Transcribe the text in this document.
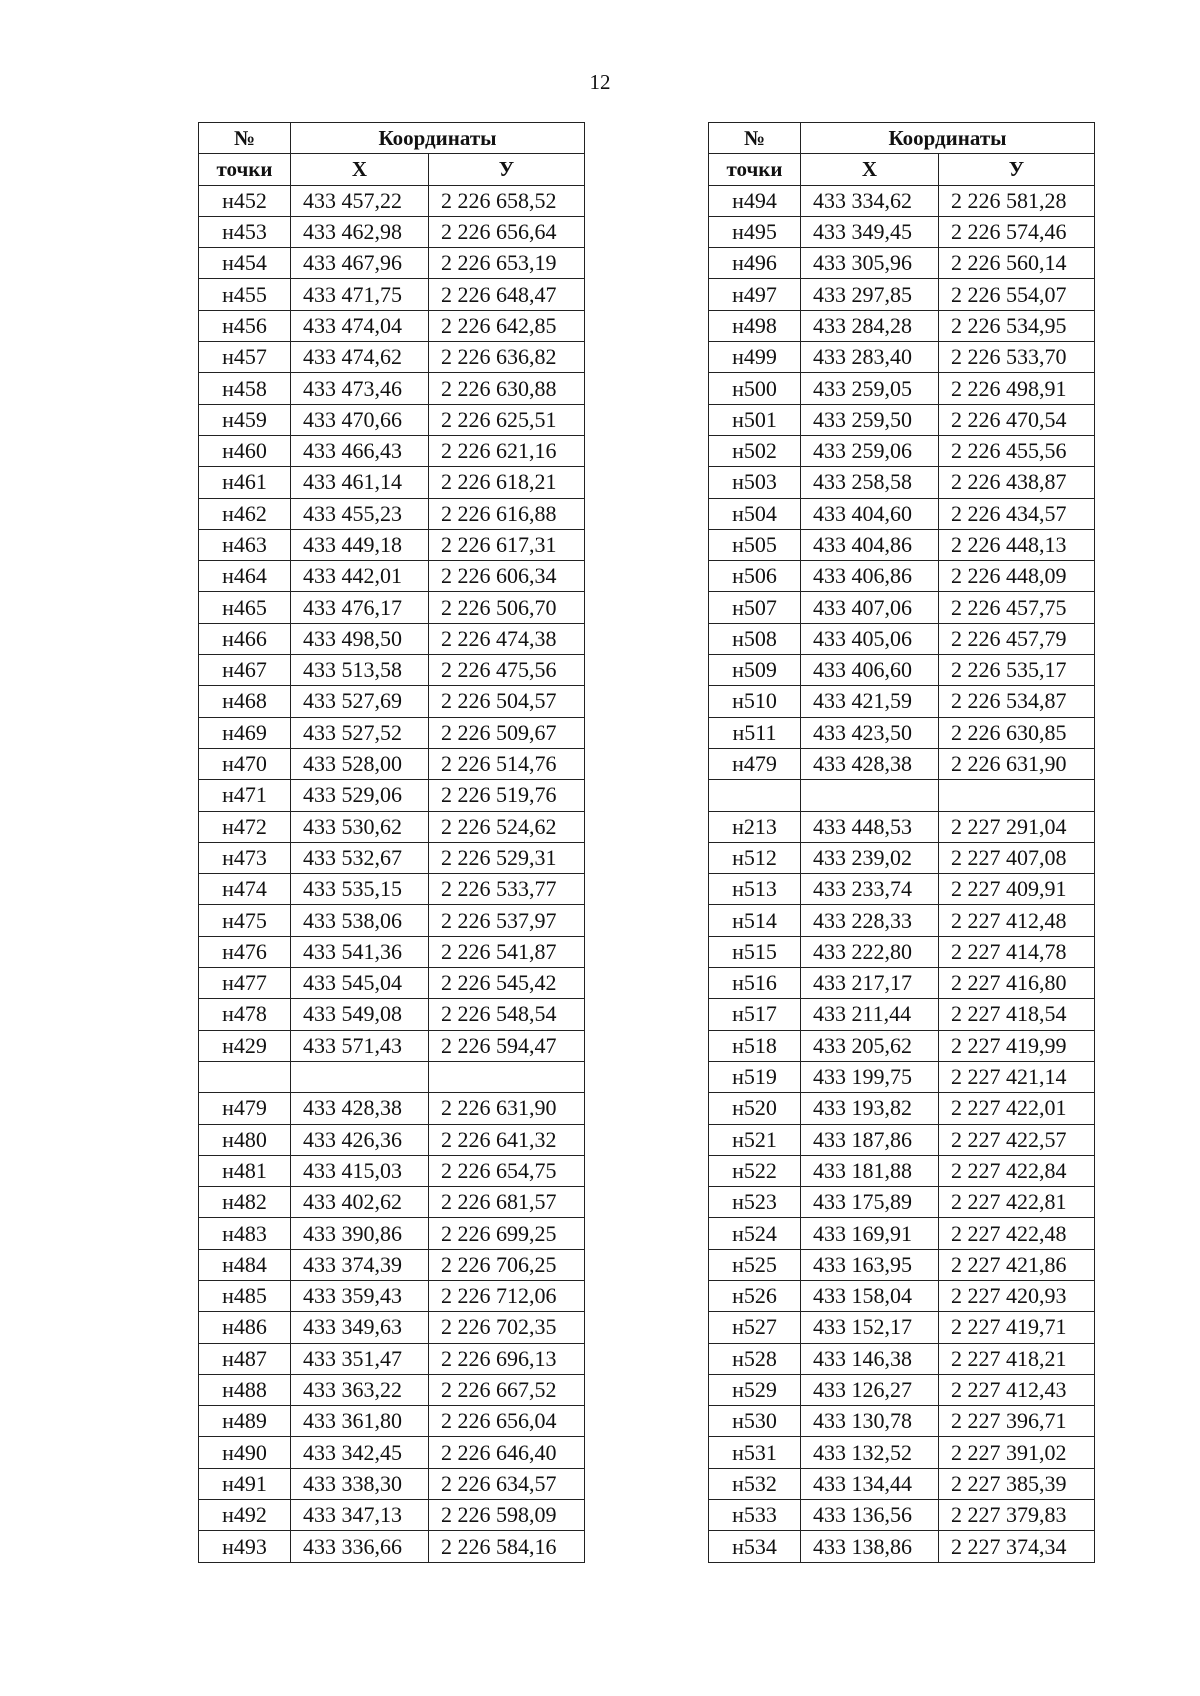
12
№	Координаты	
точки	Х	У
н452	433 457,22	2 226 658,52
н453	433 462,98	2 226 656,64
н454	433 467,96	2 226 653,19
н455	433 471,75	2 226 648,47
н456	433 474,04	2 226 642,85
н457	433 474,62	2 226 636,82
н458	433 473,46	2 226 630,88
н459	433 470,66	2 226 625,51
н460	433 466,43	2 226 621,16
н461	433 461,14	2 226 618,21
н462	433 455,23	2 226 616,88
н463	433 449,18	2 226 617,31
н464	433 442,01	2 226 606,34
н465	433 476,17	2 226 506,70
н466	433 498,50	2 226 474,38
н467	433 513,58	2 226 475,56
н468	433 527,69	2 226 504,57
н469	433 527,52	2 226 509,67
н470	433 528,00	2 226 514,76
н471	433 529,06	2 226 519,76
н472	433 530,62	2 226 524,62
н473	433 532,67	2 226 529,31
н474	433 535,15	2 226 533,77
н475	433 538,06	2 226 537,97
н476	433 541,36	2 226 541,87
н477	433 545,04	2 226 545,42
н478	433 549,08	2 226 548,54
н429	433 571,43	2 226 594,47

н479	433 428,38	2 226 631,90
н480	433 426,36	2 226 641,32
н481	433 415,03	2 226 654,75
н482	433 402,62	2 226 681,57
н483	433 390,86	2 226 699,25
н484	433 374,39	2 226 706,25
н485	433 359,43	2 226 712,06
н486	433 349,63	2 226 702,35
н487	433 351,47	2 226 696,13
н488	433 363,22	2 226 667,52
н489	433 361,80	2 226 656,04
н490	433 342,45	2 226 646,40
н491	433 338,30	2 226 634,57
н492	433 347,13	2 226 598,09
н493	433 336,66	2 226 584,16
№	Координаты	
точки	Х	У
н494	433 334,62	2 226 581,28
н495	433 349,45	2 226 574,46
н496	433 305,96	2 226 560,14
н497	433 297,85	2 226 554,07
н498	433 284,28	2 226 534,95
н499	433 283,40	2 226 533,70
н500	433 259,05	2 226 498,91
н501	433 259,50	2 226 470,54
н502	433 259,06	2 226 455,56
н503	433 258,58	2 226 438,87
н504	433 404,60	2 226 434,57
н505	433 404,86	2 226 448,13
н506	433 406,86	2 226 448,09
н507	433 407,06	2 226 457,75
н508	433 405,06	2 226 457,79
н509	433 406,60	2 226 535,17
н510	433 421,59	2 226 534,87
н511	433 423,50	2 226 630,85
н479	433 428,38	2 226 631,90

н213	433 448,53	2 227 291,04
н512	433 239,02	2 227 407,08
н513	433 233,74	2 227 409,91
н514	433 228,33	2 227 412,48
н515	433 222,80	2 227 414,78
н516	433 217,17	2 227 416,80
н517	433 211,44	2 227 418,54
н518	433 205,62	2 227 419,99
н519	433 199,75	2 227 421,14
н520	433 193,82	2 227 422,01
н521	433 187,86	2 227 422,57
н522	433 181,88	2 227 422,84
н523	433 175,89	2 227 422,81
н524	433 169,91	2 227 422,48
н525	433 163,95	2 227 421,86
н526	433 158,04	2 227 420,93
н527	433 152,17	2 227 419,71
н528	433 146,38	2 227 418,21
н529	433 126,27	2 227 412,43
н530	433 130,78	2 227 396,71
н531	433 132,52	2 227 391,02
н532	433 134,44	2 227 385,39
н533	433 136,56	2 227 379,83
н534	433 138,86	2 227 374,34
